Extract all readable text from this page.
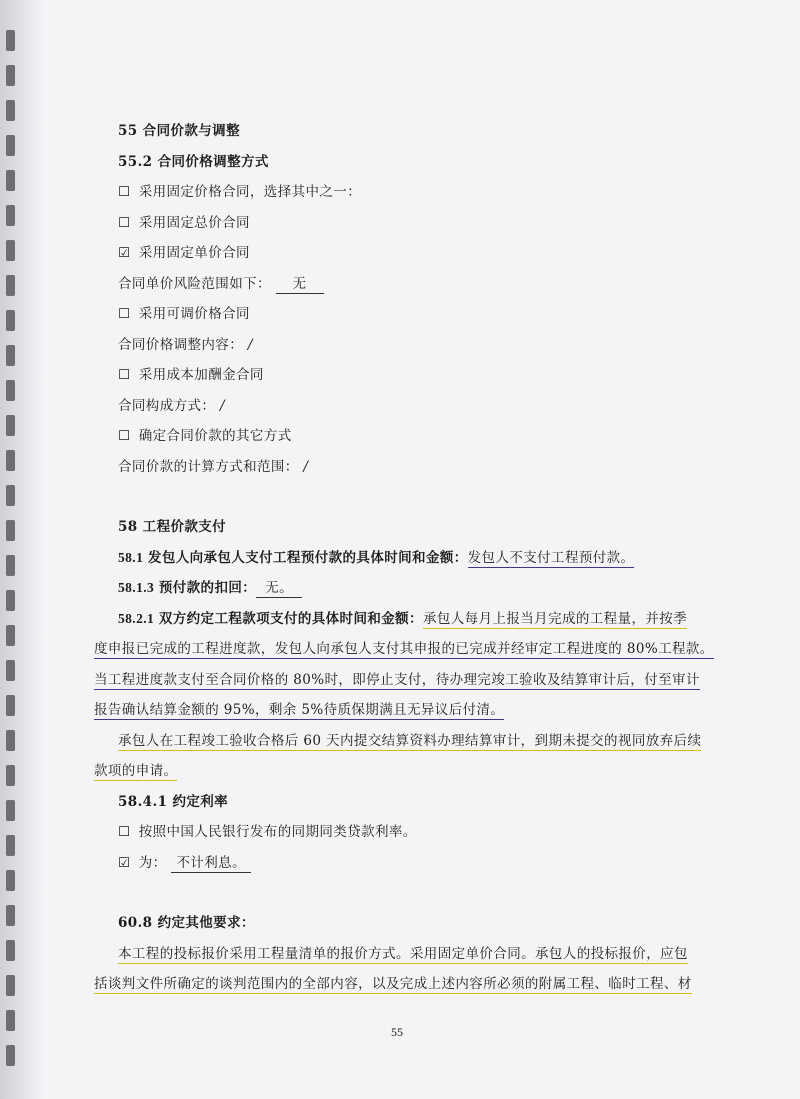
55 合同价款与调整
55.2 合同价格调整方式
☐ 采用固定价格合同，选择其中之一：
☐ 采用固定总价合同
☑ 采用固定单价合同
合同单价风险范围如下： 无
☐ 采用可调价格合同
合同价格调整内容： /
☐ 采用成本加酬金合同
合同构成方式： /
☐ 确定合同价款的其它方式
合同价款的计算方式和范围： /
58 工程价款支付
58.1 发包人向承包人支付工程预付款的具体时间和金额：发包人不支付工程预付款。
58.1.3 预付款的扣回： 无。
58.2.1 双方约定工程款项支付的具体时间和金额：承包人每月上报当月完成的工程量，并按季
度申报已完成的工程进度款，发包人向承包人支付其申报的已完成并经审定工程进度的 80%工程款。
当工程进度款支付至合同价格的 80%时，即停止支付，待办理完竣工验收及结算审计后，付至审计
报告确认结算金额的 95%，剩余 5%待质保期满且无异议后付清。
承包人在工程竣工验收合格后 60 天内提交结算资料办理结算审计，到期未提交的视同放弃后续
款项的申请。
58.4.1 约定利率
☐ 按照中国人民银行发布的同期同类贷款利率。
☑ 为： 不计利息。
60.8 约定其他要求：
本工程的投标报价采用工程量清单的报价方式。采用固定单价合同。承包人的投标报价，应包
括谈判文件所确定的谈判范围内的全部内容，以及完成上述内容所必须的附属工程、临时工程、材
55
